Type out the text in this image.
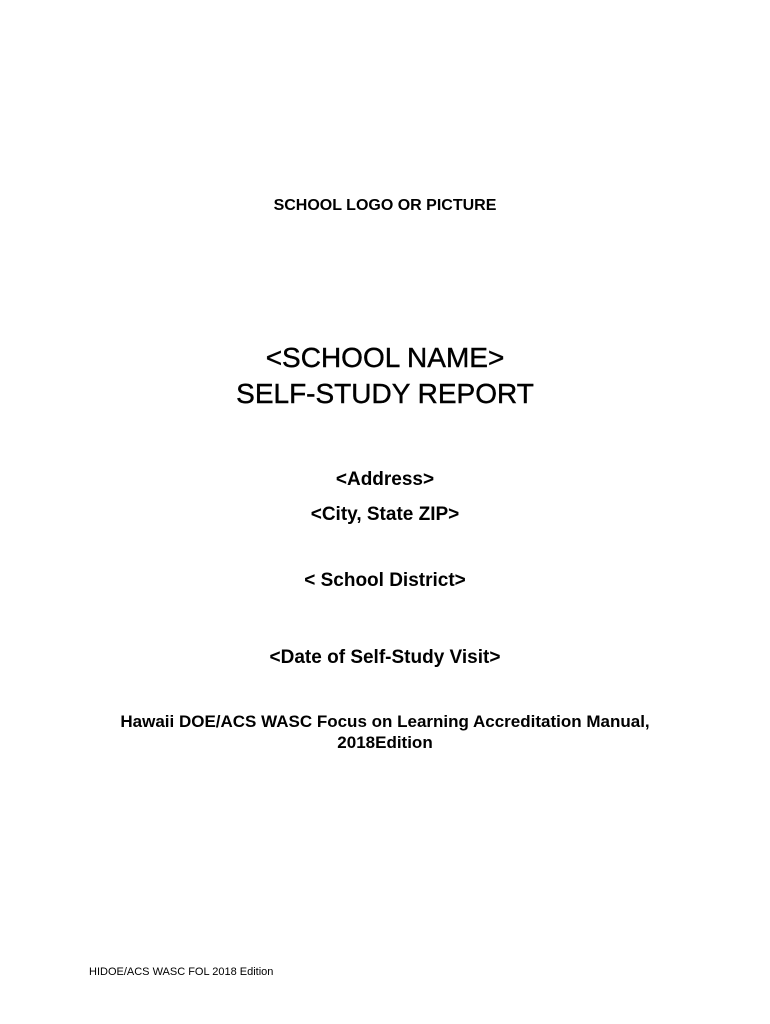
SCHOOL LOGO OR PICTURE
<SCHOOL NAME>
SELF-STUDY REPORT
<Address>
<City, State ZIP>
< School District>
<Date of Self-Study Visit>
Hawaii DOE/ACS WASC Focus on Learning Accreditation Manual,
2018Edition
HIDOE/ACS WASC FOL 2018 Edition
